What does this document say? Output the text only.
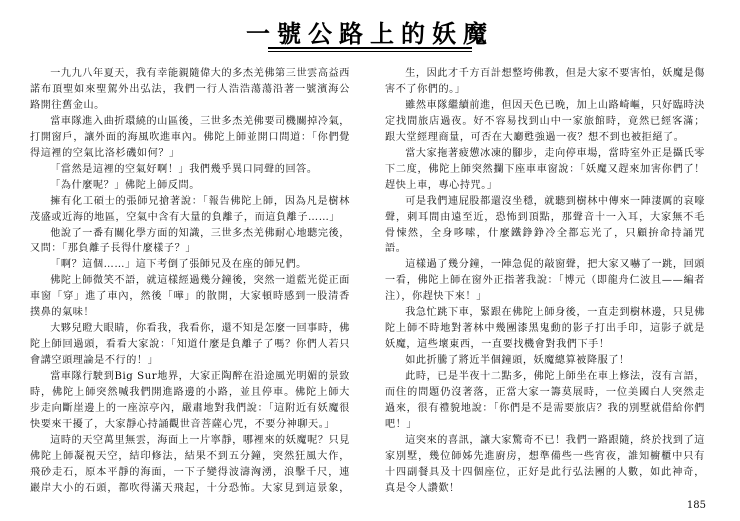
一號公路上的妖魔

一九九八年夏天，我有幸能親隨偉大的多杰羌佛第三世雲高益西諾布頂聖如來聖駕外出弘法，我們一行人浩浩蕩蕩沿著一號濱海公路開往舊金山。

當車隊進入曲折環繞的山區後，三世多杰羌佛要司機關掉冷氣，打開窗戶，讓外面的海風吹進車內。佛陀上師並開口問道：「你們覺得這裡的空氣比洛杉磯如何？」

「當然是這裡的空氣好啊！」我們幾乎異口同聲的回答。

「為什麼呢？」佛陀上師反問。

擁有化工碩士的張師兄搶著說：「報告佛陀上師，因為凡是樹林茂盛或近海的地區，空氣中含有大量的負離子，而這負離子……」

他說了一番有關化學方面的知識，三世多杰羌佛耐心地聽完後，又問：「那負離子長得什麼樣子？」

「啊？這個……」這下考倒了張師兄及在座的師兄們。

佛陀上師微笑不語，就這樣經過幾分鐘後，突然一道藍光從正面車窗「穿」進了車內，然後「嘩」的散開，大家頓時感到一股清香撲鼻的氣味！

大夥兒瞪大眼睛，你看我，我看你，還不知是怎麼一回事時，佛陀上師回過頭，看看大家說：「知道什麼是負離子了嗎？你們人若只會講空頭理論是不行的！」

當車隊行駛到Big Sur地界，大家正陶醉在沿途風光明媚的景致時，佛陀上師突然喊我們開進路邊的小路，並且停車。佛陀上師大步走向斷崖邊上的一座涼亭內，嚴肅地對我們說：「這附近有妖魔很快要來干擾了，大家靜心持誦觀世音菩薩心咒，不要分神聊天。」

這時的天空萬里無雲，海面上一片寧靜，哪裡來的妖魔呢？只見佛陀上師凝視天空，結印修法，結果不到五分鐘，突然狂風大作，飛砂走石，原本平靜的海面，一下子變得波濤洶湧，浪擊千尺，連巖岸大小的石頭，都吹得滿天飛起，十分恐怖。大家見到這景象，

生，因此才千方百計想整垮佛教，但是大家不要害怕，妖魔是傷害不了你們的。」

雖然車隊繼續前進，但因天色已晚，加上山路崎嶇，只好臨時決定找間旅店過夜。好不容易找到山中一家旅館時，竟然已經客滿；跟大堂經理商量，可否在大廳甦強過一夜？想不到也被拒絕了。

當大家拖著疲憊冰凍的腳步，走向停車場，當時室外正是攝氏零下二度，佛陀上師突然攔下座車車窗說：「妖魔又趕來加害你們了！趕快上車，專心持咒。」

可是我們連屁股都還沒坐穩，就聽到樹林中傳來一陣淒厲的哀嚎聲，刺耳間由遠至近，恐怖到頂點，那聲音十一入耳，大家無不毛骨悚然，全身哆嗦，什麼鐵錚錚冷全都忘光了，只顧拚命持誦咒語。

這樣過了幾分鐘，一陣急促的敲窗聲，把大家又嚇了一跳，回頭一看，佛陀上師在窗外正指著我說：「博元（即龍舟仁波且——編者注），你趕快下來！」

我急忙跳下車，緊跟在佛陀上師身後，一直走到樹林邊，只見佛陀上師不時地對著林中幾團漆黑鬼動的影子打出手印，這影子就是妖魔，這些壞東西，一直要找機會對我們下手！

如此折騰了將近半個鐘頭，妖魔總算被降服了！

此時，已是半夜十二點多，佛陀上師坐在車上修法，沒有言語，而住的問題仍沒著落，正當大家一籌莫展時，一位美國白人突然走過來，很有禮貌地說：「你們是不是需要旅店？我的別墅就借給你們吧！」

這突來的喜訊，讓大家驚奇不已！我們一路跟隨，終於找到了這家別墅，幾位師姊先進廚房，想準備些一些宵夜，誰知櫥櫃中只有十四副餐具及十四個座位，正好是此行弘法團的人數，如此神奇，真是令人讚歎！

185
